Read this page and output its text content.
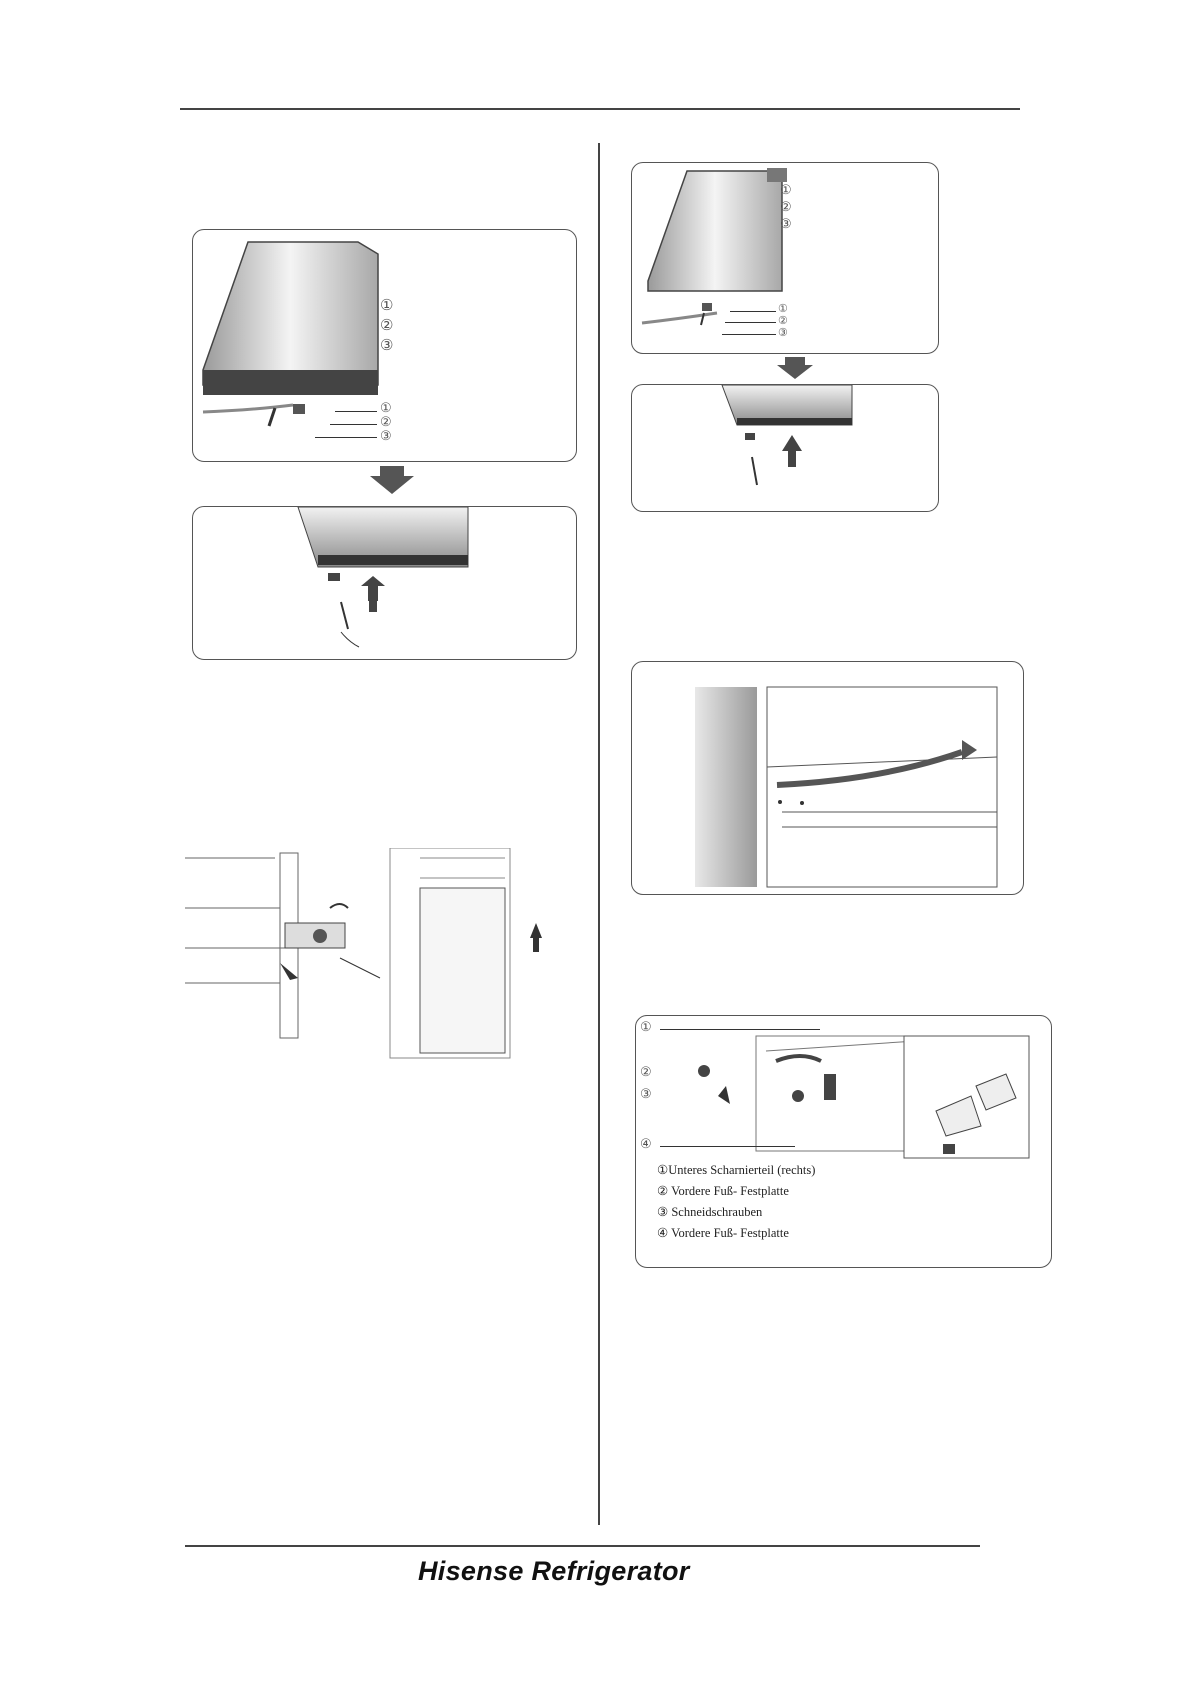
①
②
③
①
②
③
①
②
③
①
②
③
①
②
③
④
①Unteres Scharnierteil (rechts)
② Vordere Fuß- Festplatte
③ Schneidschrauben
④ Vordere Fuß- Festplatte
Hisense Refrigerator
